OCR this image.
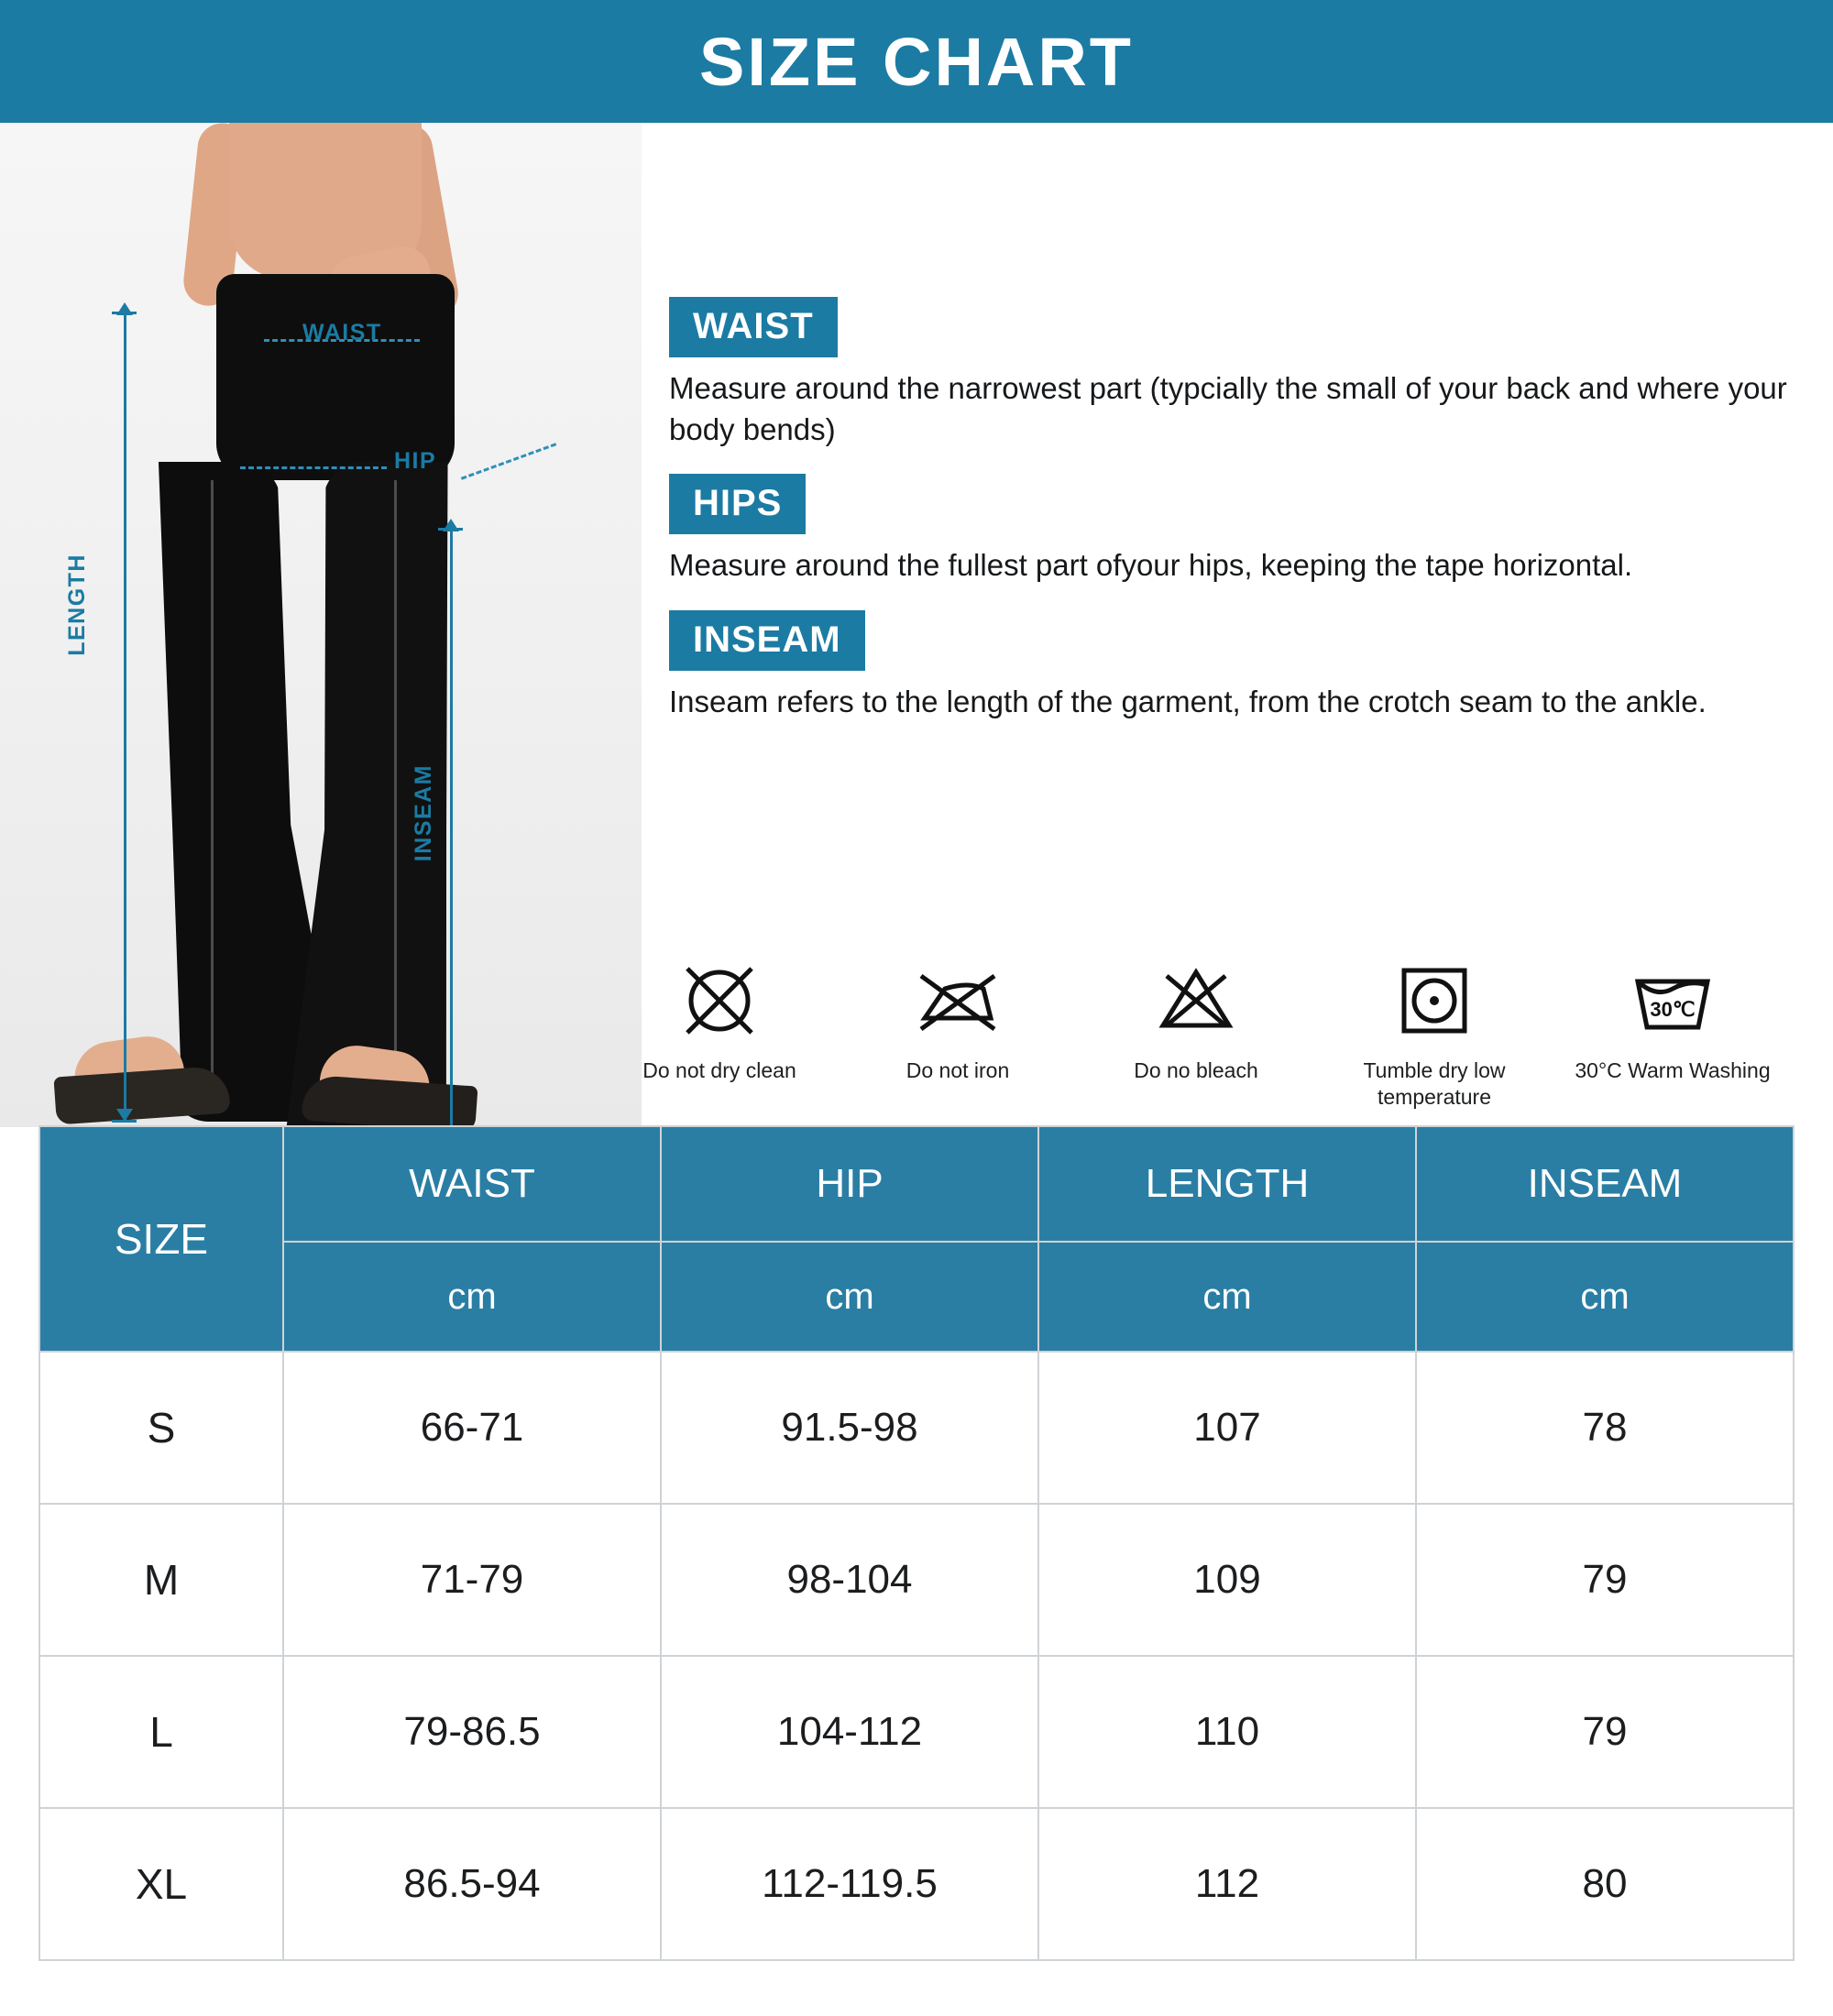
SIZE CHART
LENGTH
WAIST
HIP
INSEAM
WAIST
Measure around the narrowest part (typcially the small of your back and where your body bends)
HIPS
Measure around the fullest part ofyour hips, keeping the tape horizontal.
INSEAM
Inseam refers to the length of the garment, from the crotch seam to the ankle.
Do not dry clean	Do not iron	Do no bleach	Tumble dry low temperature
30℃
30°C Warm Washing
SIZE	WAIST	HIP	LENGTH	INSEAM
	cm	cm	cm	cm
S	66-71	91.5-98	107	78
M	71-79	98-104	109	79
L	79-86.5	104-112	110	79
XL	86.5-94	112-119.5	112	80
